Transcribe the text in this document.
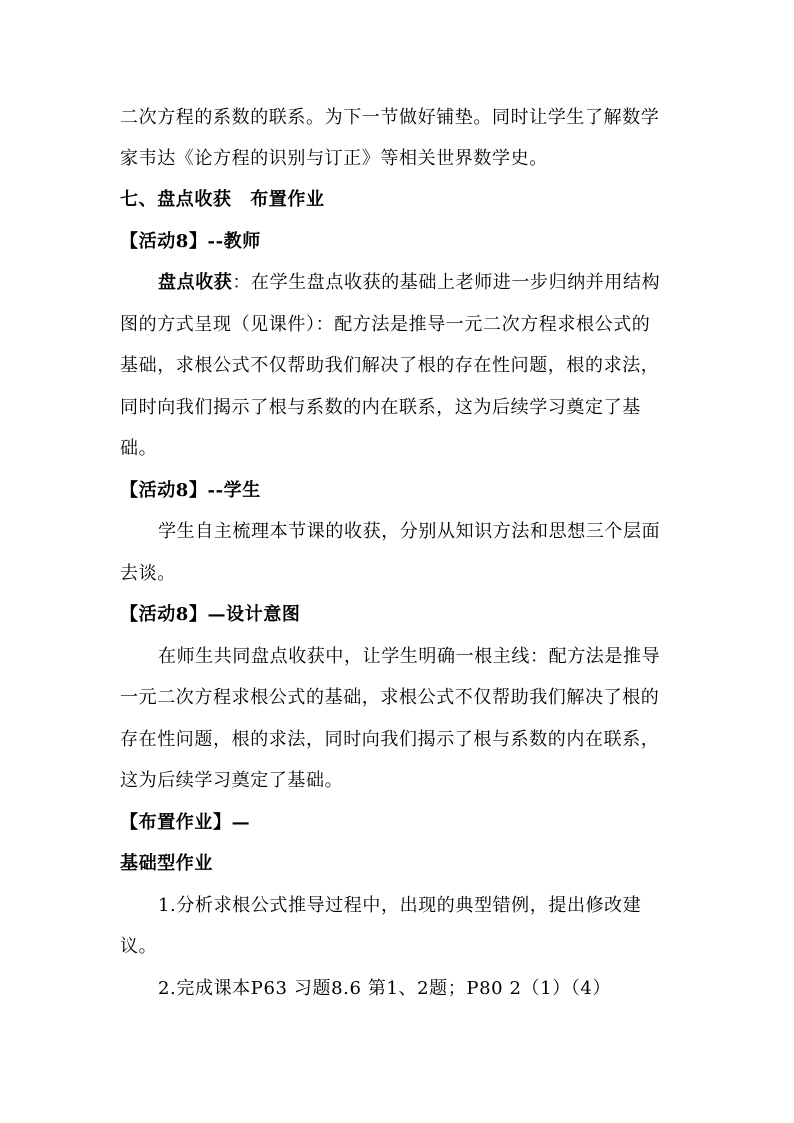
二次方程的系数的联系。为下一节做好铺垫。同时让学生了解数学
家韦达《论方程的识别与订正》等相关世界数学史。
七、盘点收获　布置作业
【活动8】--教师
盘点收获：在学生盘点收获的基础上老师进一步归纳并用结构
图的方式呈现（见课件）：配方法是推导一元二次方程求根公式的
基础，求根公式不仅帮助我们解决了根的存在性问题，根的求法，
同时向我们揭示了根与系数的内在联系，这为后续学习奠定了基
础。
【活动8】--学生
学生自主梳理本节课的收获，分别从知识方法和思想三个层面
去谈。
【活动8】—设计意图
在师生共同盘点收获中，让学生明确一根主线：配方法是推导
一元二次方程求根公式的基础，求根公式不仅帮助我们解决了根的
存在性问题，根的求法，同时向我们揭示了根与系数的内在联系，
这为后续学习奠定了基础。
【布置作业】—
基础型作业
1.分析求根公式推导过程中，出现的典型错例，提出修改建
议。
2.完成课本P63 习题8.6 第1、2题；P80 2（1）（4）
